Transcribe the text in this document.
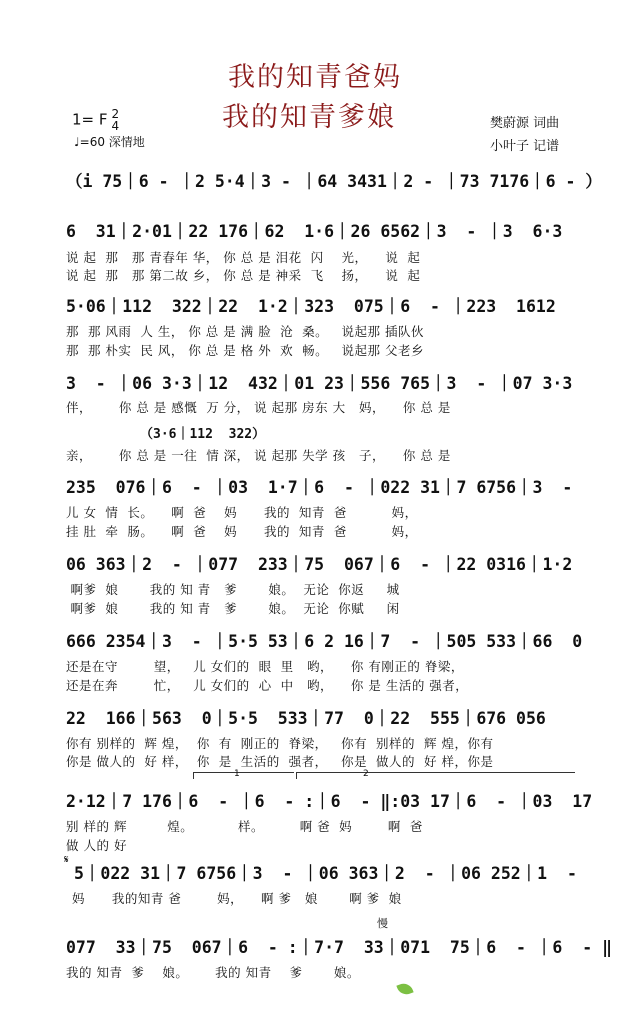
我的知青爸妈
我的知青爹娘
1= F 2
4
♩=60 深情地
樊蔚源 词曲
小叶子 记谱
（i 75｜6 - ｜2 5·4｜3 - ｜64 3431｜2 - ｜73 7176｜6 - ）
6  31｜2·01｜22 176｜62  1·6｜26 6562｜3  - ｜3  6·3
说 起  那   那 青春年 华， 你 总 是 泪花  闪    光，    说  起
说 起  那   那 第二故 乡， 你 总 是 神采  飞    扬，    说  起
5·06｜112  322｜22  1·2｜323  075｜6  - ｜223  1612
那  那 风雨  人 生， 你 总 是 满 脸  沧  桑。   说起那 插队伙
那  那 朴实  民 风， 你 总 是 格 外  欢  畅。   说起那 父老乡
3  - ｜06 3·3｜12  432｜01 23｜556 765｜3  - ｜07 3·3
伴，      你 总 是 感慨  万 分， 说 起那 房东 大   妈，    你 总 是
（3·6｜112  322）
亲，      你 总 是 一往  情 深， 说 起那 失学 孩   子，    你 总 是
235  076｜6  - ｜03  1·7｜6  - ｜022 31｜7 6756｜3  -
儿 女  情  长。    啊  爸    妈      我的  知青  爸          妈，
挂 肚  牵  肠。    啊  爸    妈      我的  知青  爸          妈，
06 363｜2  - ｜077  233｜75  067｜6  - ｜22 0316｜1·2
啊爹  娘       我的 知 青   爹       娘。  无论  你返     城
啊爹  娘       我的 知 青   爹       娘。  无论  你赋     闲
666 2354｜3  - ｜5·5 53｜6 2 16｜7  - ｜505 533｜66  0
还是在守        望，   儿 女们的  眼  里   哟，    你 有刚正的 脊梁，
还是在奔        忙，   儿 女们的  心  中   哟，    你 是 生活的 强者，
22  166｜563  0｜5·5  533｜77  0｜22  555｜676 056
你有 别样的  辉 煌，  你  有  刚正的  脊梁，   你有  别样的  辉 煌，你有
你是 做人的  好 样，  你  是  生活的  强者，   你是  做人的  好 样，你是
1	2
2·12｜7 176｜6  - ｜6  - :｜6  - ‖:03 17｜6  - ｜03  17
别 样的 辉         煌。          样。        啊 爸  妈        啊  爸
做 人的 好
𝄋
5｜022 31｜7 6756｜3  - ｜06 363｜2  - ｜06 252｜1  -
妈      我的知青 爸        妈，    啊 爹   娘       啊 爹  娘
慢
077  33｜75  067｜6  - :｜7·7  33｜071  75｜6  - ｜6  - ‖
我的 知青  爹    娘。      我的 知青    爹       娘。
